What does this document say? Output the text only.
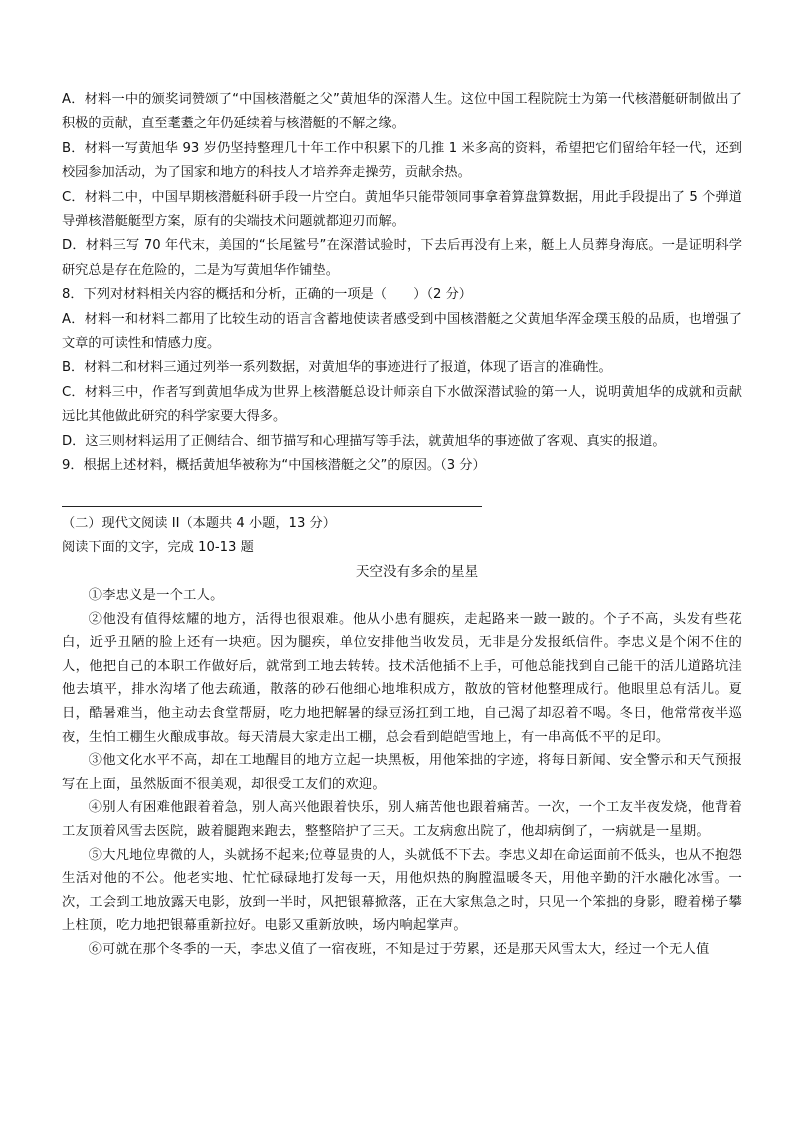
A．材料一中的颁奖词赞颂了“中国核潜艇之父”黄旭华的深潜人生。这位中国工程院院士为第一代核潜艇研制做出了积极的贡献，直至耄耋之年仍延续着与核潜艇的不解之缘。

B．材料一写黄旭华 93 岁仍坚持整理几十年工作中积累下的几推 1 米多高的资料，希望把它们留给年轻一代，还到校园参加活动，为了国家和地方的科技人才培养奔走操劳，贡献余热。

C．材料二中，中国早期核潜艇科研手段一片空白。黄旭华只能带领同事拿着算盘算数据，用此手段提出了 5 个弹道导弹核潜艇艇型方案，原有的尖端技术问题就都迎刃而解。

D．材料三写 70 年代末，美国的“长尾鲨号”在深潜试验时，下去后再没有上来，艇上人员葬身海底。一是证明科学研究总是存在危险的，二是为写黄旭华作铺垫。

8．下列对材料相关内容的概括和分析，正确的一项是（　　）（2 分）

A．材料一和材料二都用了比较生动的语言含蓄地使读者感受到中国核潜艇之父黄旭华浑金璞玉般的品质，也增强了文章的可读性和情感力度。

B．材料二和材料三通过列举一系列数据，对黄旭华的事迹进行了报道，体现了语言的准确性。

C．材料三中，作者写到黄旭华成为世界上核潜艇总设计师亲自下水做深潜试验的第一人，说明黄旭华的成就和贡献远比其他做此研究的科学家要大得多。

D．这三则材料运用了正侧结合、细节描写和心理描写等手法，就黄旭华的事迹做了客观、真实的报道。

9．根据上述材料，概括黄旭华被称为“中国核潜艇之父”的原因。（3 分）

（二）现代文阅读 II（本题共 4 小题，13 分）

阅读下面的文字，完成 10-13 题

天空没有多余的星星

①李忠义是一个工人。

②他没有值得炫耀的地方，活得也很艰难。他从小患有腿疾，走起路来一跛一跛的。个子不高，头发有些花白，近乎丑陋的脸上还有一块疤。因为腿疾，单位安排他当收发员，无非是分发报纸信件。李忠义是个闲不住的人，他把自己的本职工作做好后，就常到工地去转转。技术活他插不上手，可他总能找到自己能干的活儿道路坑洼他去填平，排水沟堵了他去疏通，散落的砂石他细心地堆积成方，散放的管材他整理成行。他眼里总有活儿。夏日，酷暑难当，他主动去食堂帮厨，吃力地把解暑的绿豆汤扛到工地，自己渴了却忍着不喝。冬日，他常常夜半巡夜，生怕工棚生火酿成事故。每天清晨大家走出工棚，总会看到皑皑雪地上，有一串高低不平的足印。

③他文化水平不高，却在工地醒目的地方立起一块黑板，用他笨拙的字迹，将每日新闻、安全警示和天气预报写在上面，虽然版面不很美观，却很受工友们的欢迎。

④别人有困难他跟着着急，别人高兴他跟着快乐，别人痛苦他也跟着痛苦。一次，一个工友半夜发烧，他背着工友顶着风雪去医院，跛着腿跑来跑去，整整陪护了三天。工友病愈出院了，他却病倒了，一病就是一星期。

⑤大凡地位卑微的人，头就扬不起来;位尊显贵的人，头就低不下去。李忠义却在命运面前不低头，也从不抱怨生活对他的不公。他老实地、忙忙碌碌地打发每一天，用他炽热的胸膛温暖冬天，用他辛勤的汗水融化冰雪。一次，工会到工地放露天电影，放到一半时，风把银幕掀落，正在大家焦急之时，只见一个笨拙的身影，瞪着梯子攀上柱顶，吃力地把银幕重新拉好。电影又重新放映，场内响起掌声。

⑥可就在那个冬季的一天，李忠义值了一宿夜班，不知是过于劳累，还是那天风雪太大，经过一个无人值
